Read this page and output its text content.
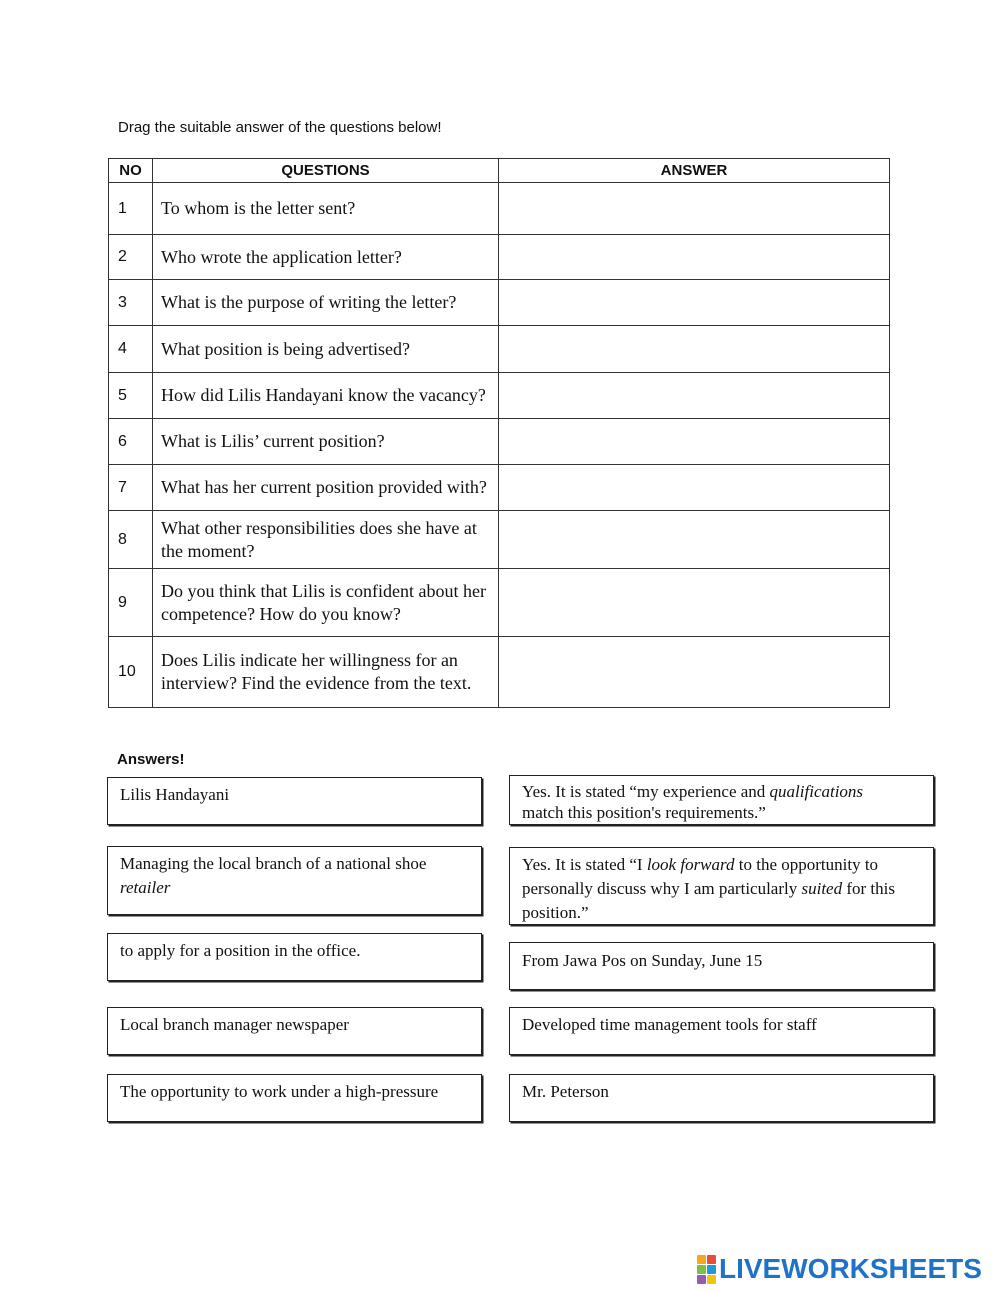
Drag the suitable answer of the questions below!
NO	QUESTIONS	ANSWER
1	To whom is the letter sent?	
2	Who wrote the application letter?	
3	What is the purpose of writing the letter?	
4	What position is being advertised?	
5	How did Lilis Handayani know the vacancy?	
6	What is Lilis’ current position?	
7	What has her current position provided with?	
8	What other responsibilities does she have at the moment?	
9	Do you think that Lilis is confident about her competence? How do you know?	
10	Does Lilis indicate her willingness for an interview? Find the evidence from the text.	
Answers!
Lilis Handayani
Managing the local branch of a national shoe retailer
to apply for a position in the office.
Local branch manager newspaper
The opportunity to work under a high-pressure
Yes. It is stated “my experience and qualifications
match this position's requirements.”
Yes. It is stated “I look forward to the opportunity to personally discuss why I am particularly suited for this position.”
From Jawa Pos on Sunday, June 15
Developed time management tools for staff
Mr. Peterson
LIVEWORKSHEETS
